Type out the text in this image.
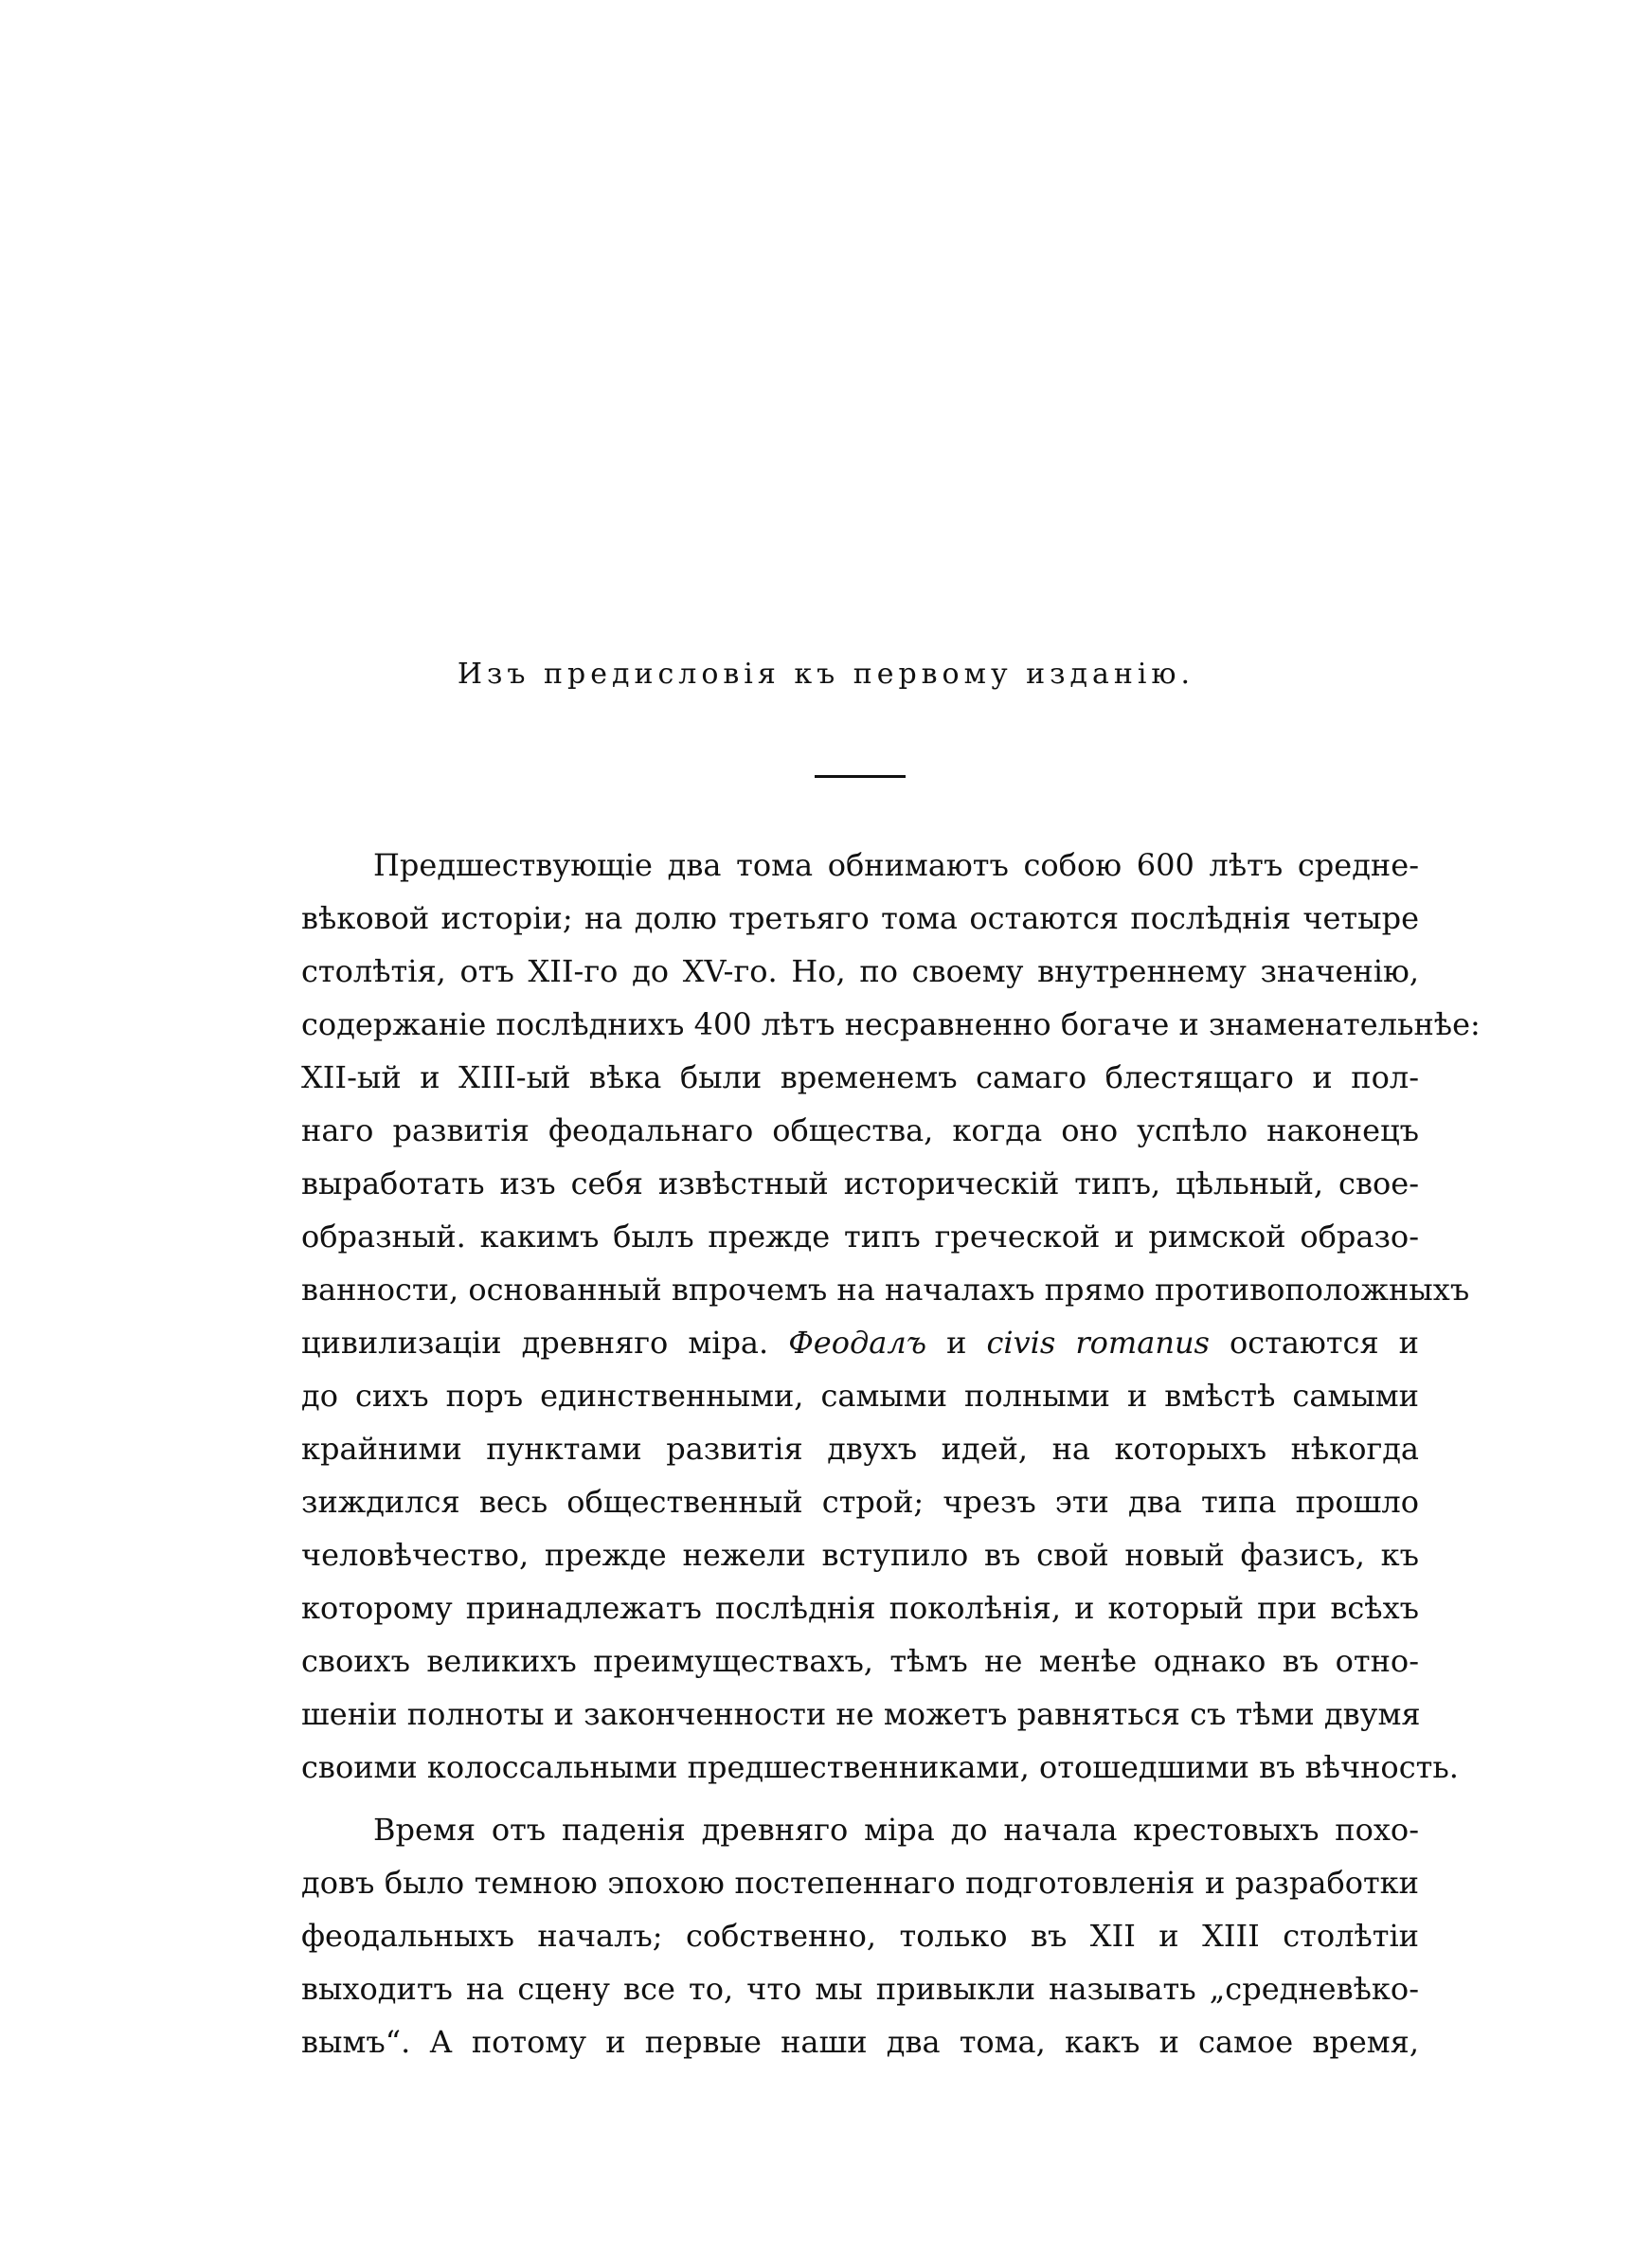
Изъ предисловія къ первому изданію.
Предшествующіе два тома обнимаютъ собою 600 лѣтъ средне-
вѣковой исторіи; на долю третьяго тома остаются послѣднія четыре
столѣтія, отъ XII-го до XV-го. Но, по своему внутреннему значенію,
содержаніе послѣднихъ 400 лѣтъ несравненно богаче и знаменательнѣе:
XII-ый и XIII-ый вѣка были временемъ самаго блестящаго и пол-
наго развитія феодальнаго общества, когда оно успѣло наконецъ
выработать изъ себя извѣстный историческій типъ, цѣльный, свое-
образный. какимъ былъ прежде типъ греческой и римской образо-
ванности, основанный впрочемъ на началахъ прямо противоположныхъ
цивилизаціи древняго міра. Феодалъ и civis romanus остаются и
до сихъ поръ единственными, самыми полными и вмѣстѣ самыми
крайними пунктами развитія двухъ идей, на которыхъ нѣкогда
зиждился весь общественный строй; чрезъ эти два типа прошло
человѣчество, прежде нежели вступило въ свой новый фазисъ, къ
которому принадлежатъ послѣднія поколѣнія, и который при всѣхъ
своихъ великихъ преимуществахъ, тѣмъ не менѣе однако въ отно-
шеніи полноты и законченности не можетъ равняться съ тѣми двумя
своими колоссальными предшественниками, отошедшими въ вѣчность.
Время отъ паденія древняго міра до начала крестовыхъ похо-
довъ было темною эпохою постепеннаго подготовленія и разработки
феодальныхъ началъ; собственно, только въ XII и XIII столѣтіи
выходитъ на сцену все то, что мы привыкли называть „средневѣко-
вымъ“. А потому и первые наши два тома, какъ и самое время,
